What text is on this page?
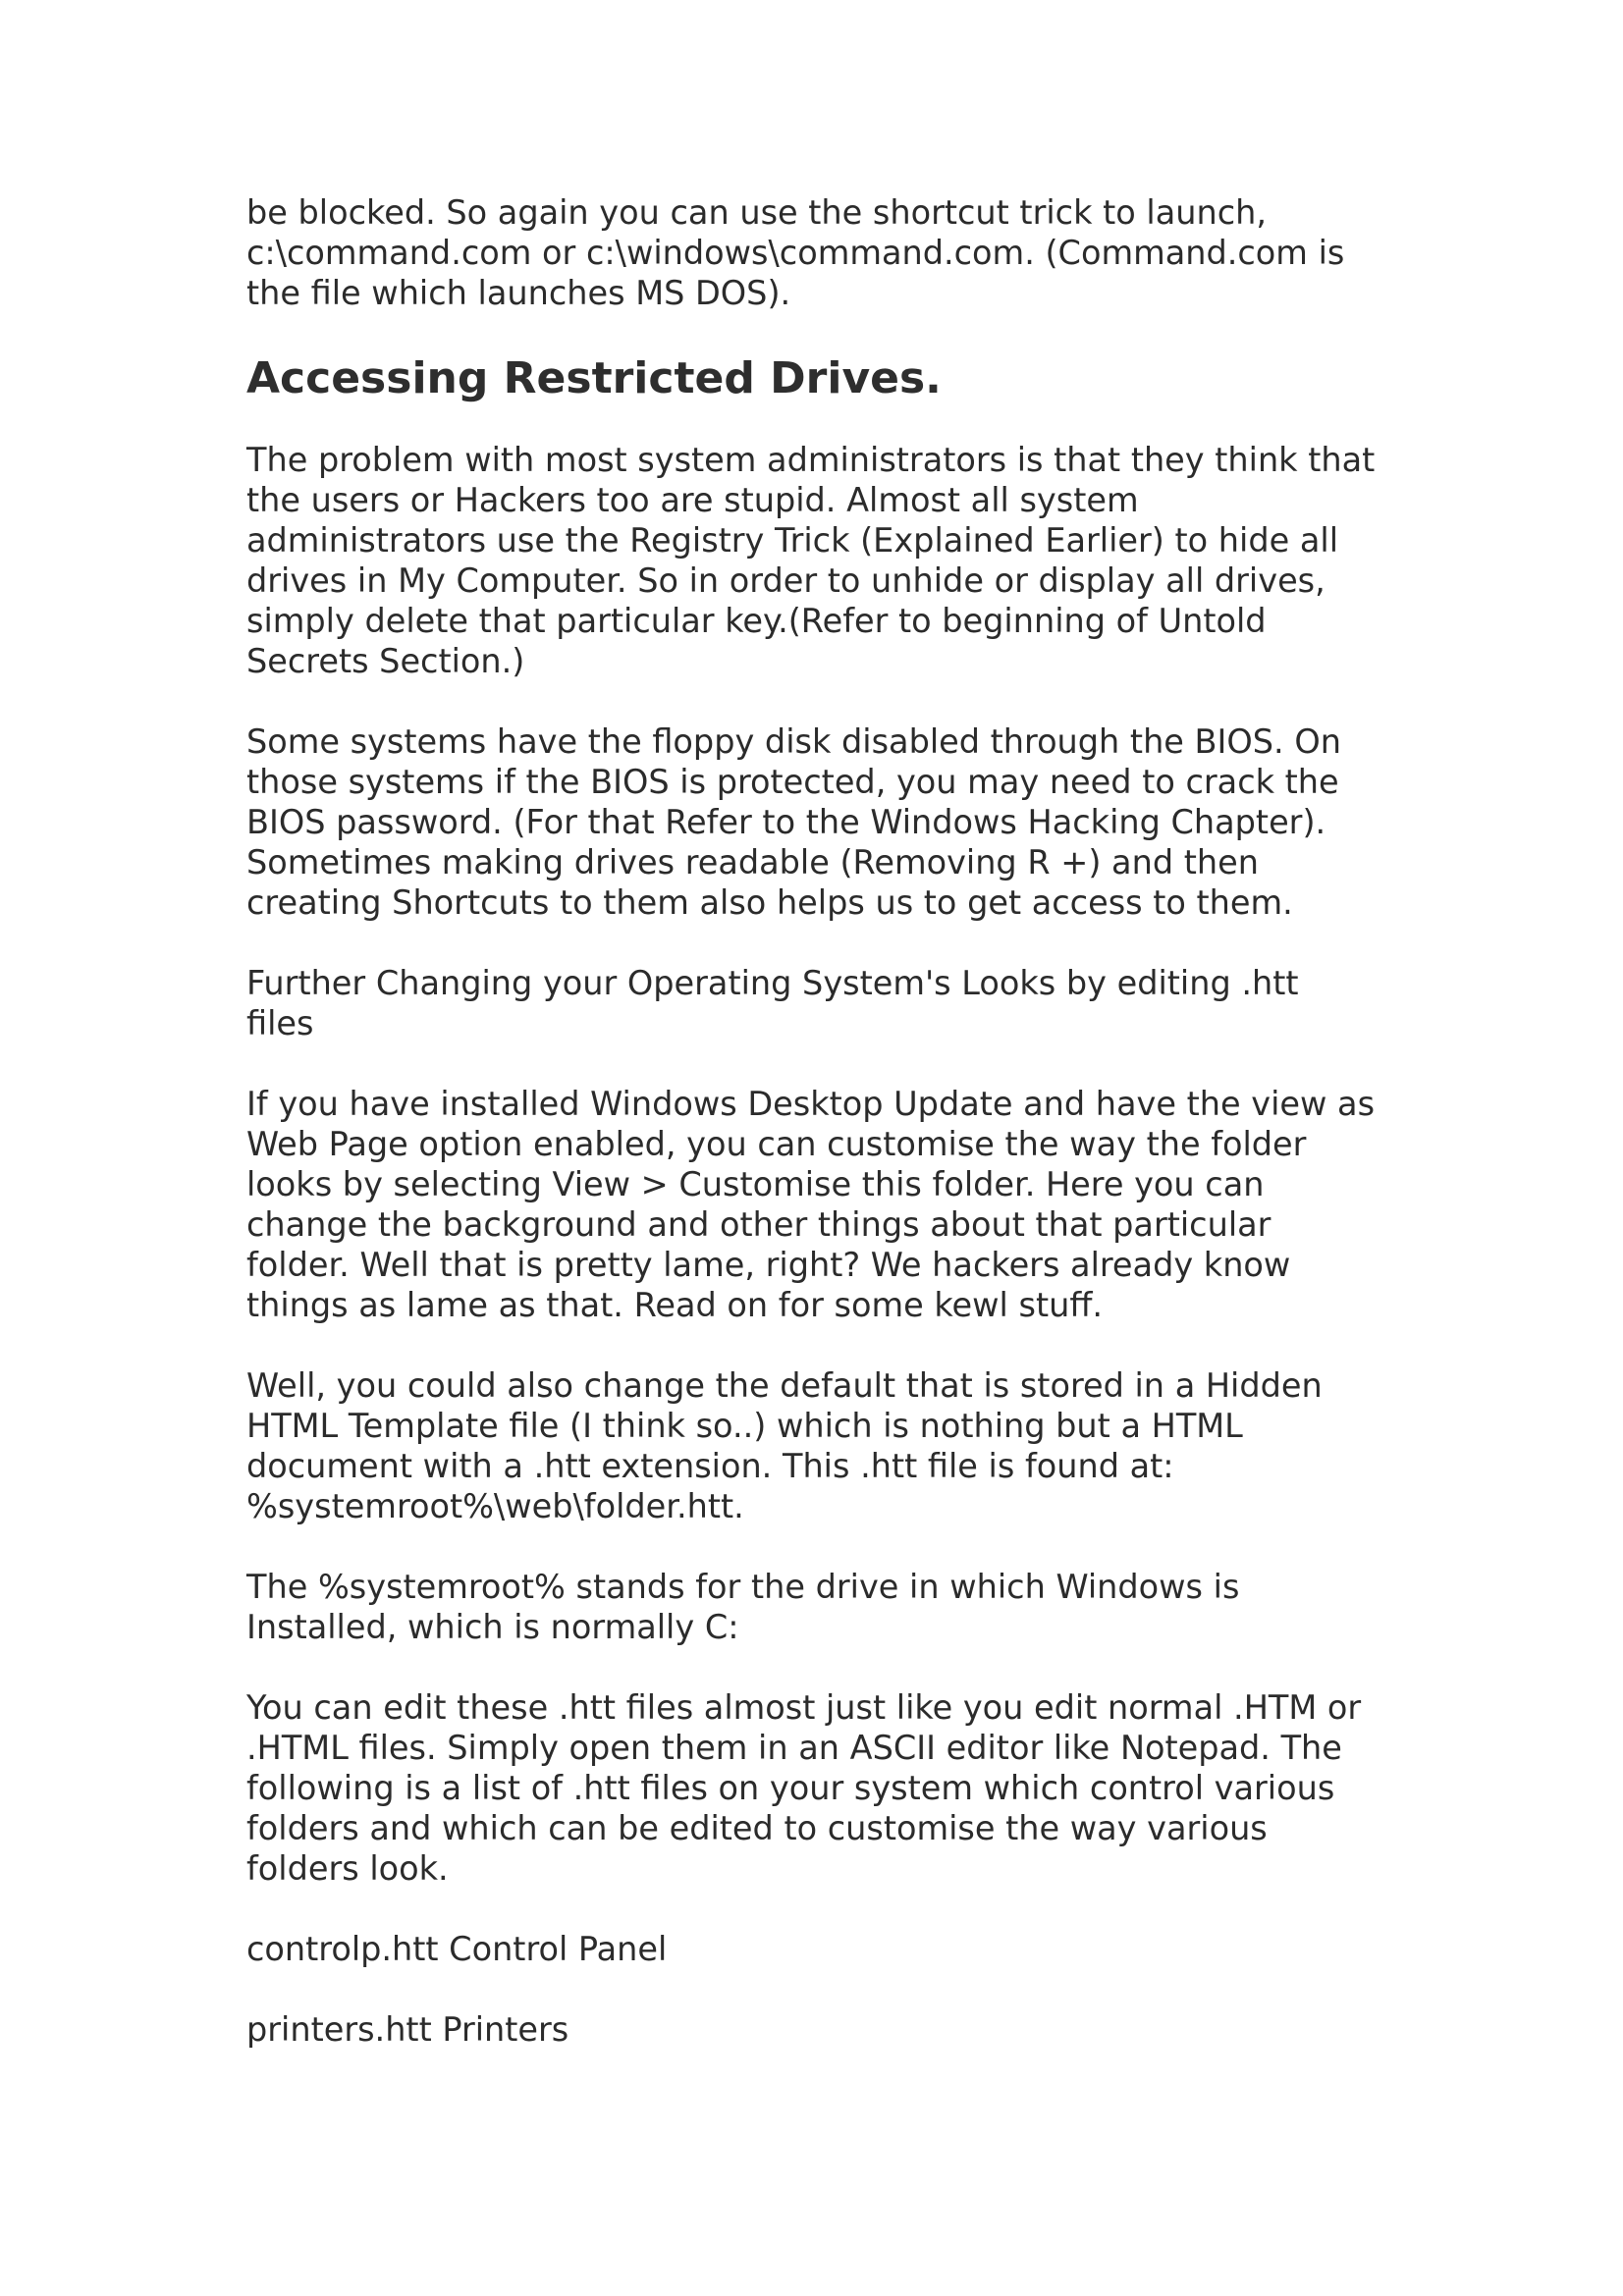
be blocked. So again you can use the shortcut trick to launch,
c:\command.com or c:\windows\command.com. (Command.com is
the file which launches MS DOS).

Accessing Restricted Drives.

The problem with most system administrators is that they think that
the users or Hackers too are stupid. Almost all system
administrators use the Registry Trick (Explained Earlier) to hide all
drives in My Computer. So in order to unhide or display all drives,
simply delete that particular key.(Refer to beginning of Untold
Secrets Section.)

Some systems have the floppy disk disabled through the BIOS. On
those systems if the BIOS is protected, you may need to crack the
BIOS password. (For that Refer to the Windows Hacking Chapter).
Sometimes making drives readable (Removing R +) and then
creating Shortcuts to them also helps us to get access to them.

Further Changing your Operating System's Looks by editing .htt
files

If you have installed Windows Desktop Update and have the view as
Web Page option enabled, you can customise the way the folder
looks by selecting View > Customise this folder. Here you can
change the background and other things about that particular
folder. Well that is pretty lame, right? We hackers already know
things as lame as that. Read on for some kewl stuff.

Well, you could also change the default that is stored in a Hidden
HTML Template file (I think so..) which is nothing but a HTML
document with a .htt extension. This .htt file is found at:
%systemroot%\web\folder.htt.

The %systemroot% stands for the drive in which Windows is
Installed, which is normally C:

You can edit these .htt files almost just like you edit normal .HTM or
.HTML files. Simply open them in an ASCII editor like Notepad. The
following is a list of .htt files on your system which control various
folders and which can be edited to customise the way various
folders look.

controlp.htt Control Panel

printers.htt Printers
